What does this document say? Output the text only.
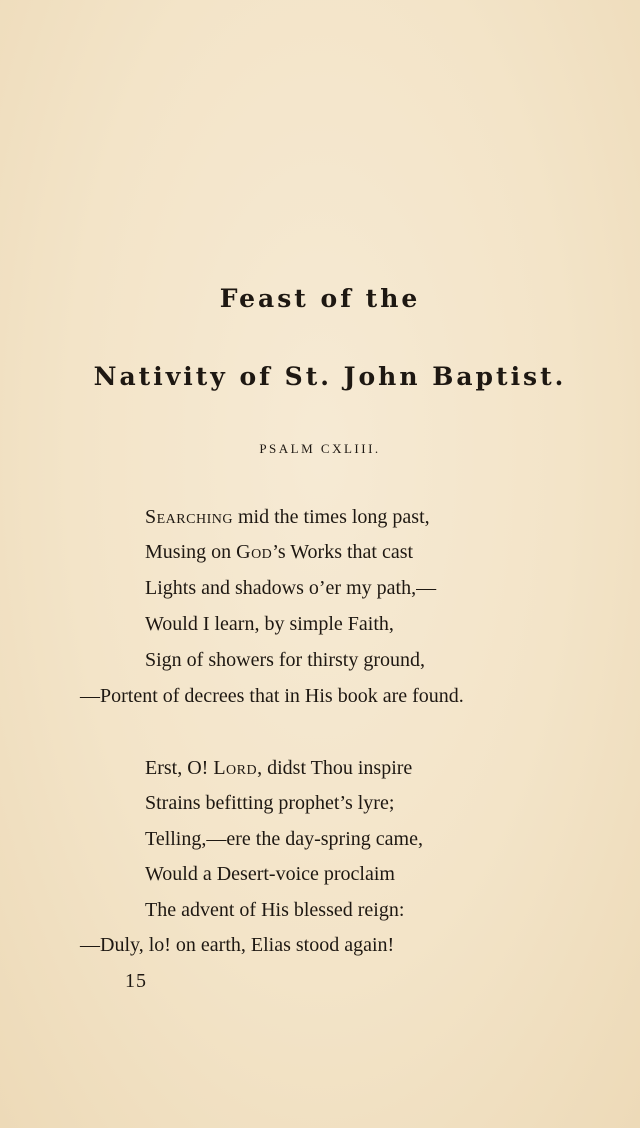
Feast of the
Nativity of St. John Baptist.
PSALM CXLIII.
Searching mid the times long past,
Musing on God’s Works that cast
Lights and shadows o’er my path,—
Would I learn, by simple Faith,
Sign of showers for thirsty ground,
—Portent of decrees that in His book are found.
Erst, O! Lord, didst Thou inspire
Strains befitting prophet’s lyre;
Telling,—ere the day-spring came,
Would a Desert-voice proclaim
The advent of His blessed reign:
—Duly, lo! on earth, Elias stood again!
15
